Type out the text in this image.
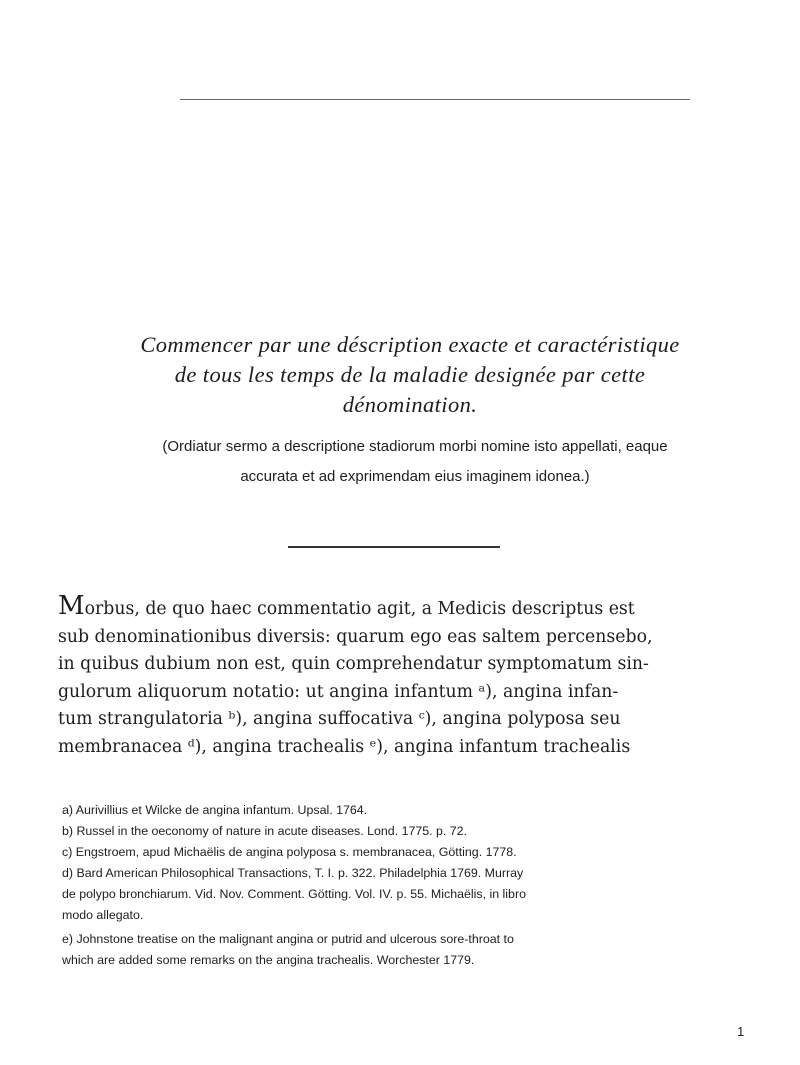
Commencer par une déscription exacte et caractéristique
de tous les temps de la maladie designée par cette
dénomination.
(Ordiatur sermo a descriptione stadiorum morbi nomine isto appellati, eaque
accurata et ad exprimendam eius imaginem idonea.)
Morbus, de quo haec commentatio agit, a Medicis descriptus est
sub denominationibus diversis: quarum ego eas saltem percensebo,
in quibus dubium non est, quin comprehendatur symptomatum sin-
gulorum aliquorum notatio: ut angina infantum ᵃ), angina infan-
tum strangulatoria ᵇ), angina suffocativa ᶜ), angina polyposa seu
membranacea ᵈ), angina trachealis ᵉ), angina infantum trachealis
a) Aurivillius et Wilcke de angina infantum. Upsal. 1764.
b) Russel in the oeconomy of nature in acute diseases. Lond. 1775. p. 72.
c) Engstroem, apud Michaëlis de angina polyposa s. membranacea, Götting. 1778.
d) Bard American Philosophical Transactions, T. I. p. 322. Philadelphia 1769. Murray
de polypo bronchiarum. Vid. Nov. Comment. Götting. Vol. IV. p. 55. Michaëlis, in libro
modo allegato.
e) Johnstone treatise on the malignant angina or putrid and ulcerous sore-throat to
which are added some remarks on the angina trachealis. Worchester 1779.
1
